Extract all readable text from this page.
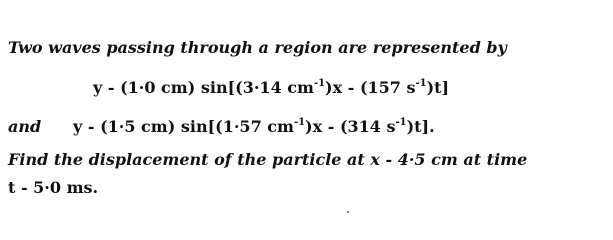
Two waves passing through a region are represented by
y - (1·0 cm) sin[(3·14 $cm^{-1})x - (157$ $s^{-1})t$]
and y - (1·5 cm) sin[(1·57 $cm^{-1})x - (314$ $s^{-1})t$].
Find the displacement of the particle at x - 4·5 cm at time
t - 5·0 ms.
